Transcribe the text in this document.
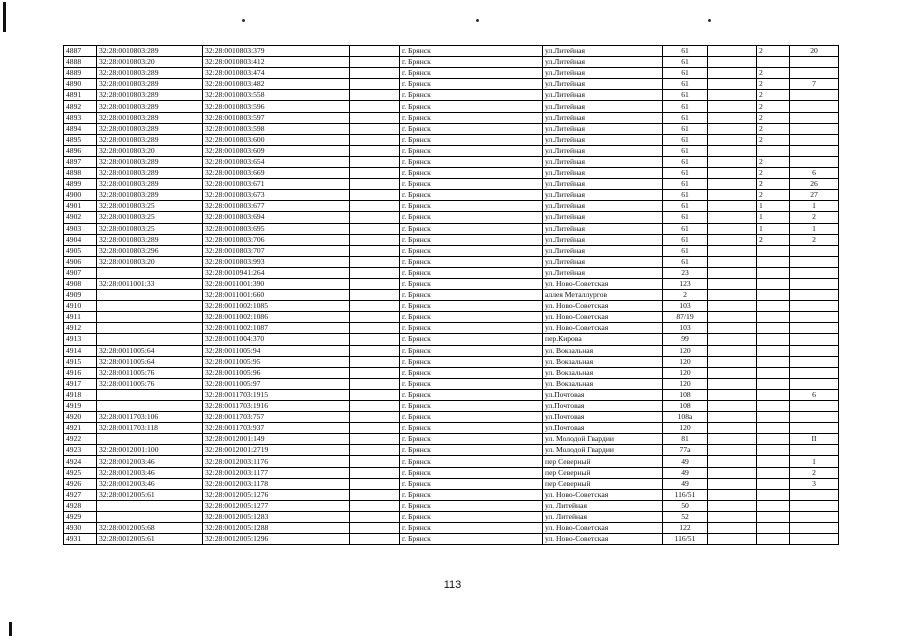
4887	32:28:0010803:289	32:28:0010803:379		г. Брянск	ул.Литейная	61		2	20
4888	32:28:0010803:20	32:28:0010803:412		г. Брянск	ул.Литейная	61			
4889	32:28:0010803:289	32:28:0010803:474		г. Брянск	ул.Литейная	61		2	
4890	32:28:0010803:289	32:28:0010803:482		г. Брянск	ул.Литейная	61		2	7
4891	32:28:0010803:289	32:28:0010803:558		г. Брянск	ул.Литейная	61		2	
4892	32:28:0010803:289	32:28:0010803:596		г. Брянск	ул.Литейная	61		2	
4893	32:28:0010803:289	32:28:0010803:597		г. Брянск	ул.Литейная	61		2	
4894	32:28:0010803:289	32:28:0010803:598		г. Брянск	ул.Литейная	61		2	
4895	32:28:0010803:289	32:28:0010803:600		г. Брянск	ул.Литейная	61		2	
4896	32:28:0010803:20	32:28:0010803:609		г. Брянск	ул.Литейная	61			
4897	32:28:0010803:289	32:28:0010803:654		г. Брянск	ул.Литейная	61		2	
4898	32:28:0010803:289	32:28:0010803:669		г. Брянск	ул.Литейная	61		2	6
4899	32:28:0010803:289	32:28:0010803:671		г. Брянск	ул.Литейная	61		2	26
4900	32:28:0010803:289	32:28:0010803:673		г. Брянск	ул.Литейная	61		2	27
4901	32:28:0010803:25	32:28:0010803:677		г. Брянск	ул.Литейная	61		1	1
4902	32:28:0010803:25	32:28:0010803:694		г. Брянск	ул.Литейная	61		1	2
4903	32:28:0010803:25	32:28:0010803:695		г. Брянск	ул.Литейная	61		1	1
4904	32:28:0010803:289	32:28:0010803:706		г. Брянск	ул.Литейная	61		2	2
4905	32:28:0010803:296	32:28:0010803:707		г. Брянск	ул.Литейная	61			
4906	32:28:0010803:20	32:28:0010803:993		г. Брянск	ул.Литейная	61			
4907		32:28:0010941:264		г. Брянск	ул.Литейная	23			
4908	32:28:0011001:33	32:28:0011001:390		г. Брянск	ул. Ново-Советская	123			
4909		32:28:0011001:660		г. Брянск	аллея Металлургов	2			
4910		32:28:0011002:1085		г. Брянск	ул. Ново-Советская	103			
4911		32:28:0011002:1086		г. Брянск	ул. Ново-Советская	87/19			
4912		32:28:0011002:1087		г. Брянск	ул. Ново-Советская	103			
4913		32:28:0011004:370		г. Брянск	пер.Кирова	99			
4914	32:28:0011005:64	32:28:0011005:94		г. Брянск	ул. Вокзальная	120			
4915	32:28:0011005:64	32:28:0011005:95		г. Брянск	ул. Вокзальная	120			
4916	32:28:0011005:76	32:28:0011005:96		г. Брянск	ул. Вокзальная	120			
4917	32:28:0011005:76	32:28:0011005:97		г. Брянск	ул. Вокзальная	120			
4918		32:28:0011703:1915		г. Брянск	ул.Почтовая	108			6
4919		32:28:0011703:1916		г. Брянск	ул.Почтовая	108			
4920	32:28:0011703:106	32:28:0011703:757		г. Брянск	ул.Почтовая	108а			
4921	32:28:0011703:118	32:28:0011703:937		г. Брянск	ул.Почтовая	120			
4922		32:28:0012001:149		г. Брянск	ул. Молодой Гвардии	81			II
4923	32:28:0012001:100	32:28:0012001:2719		г. Брянск	ул. Молодой Гвардии	77а			
4924	32:28:0012003:46	32:28:0012003:1176		г. Брянск	пер Северный	49			1
4925	32:28:0012003:46	32:28:0012003:1177		г. Брянск	пер Северный	49			2
4926	32:28:0012003:46	32:28:0012003:1178		г. Брянск	пер Северный	49			3
4927	32:28:0012005:61	32:28:0012005:1276		г. Брянск	ул. Ново-Советская	116/51			
4928		32:28:0012005:1277		г. Брянск	ул. Литейная	50			
4929		32:28:0012005:1283		г. Брянск	ул. Литейная	52			
4930	32:28:0012005:68	32:28:0012005:1288		г. Брянск	ул. Ново-Советская	122			
4931	32:28:0012005:61	32:28:0012005:1296		г. Брянск	ул. Ново-Советская	116/51			
113
